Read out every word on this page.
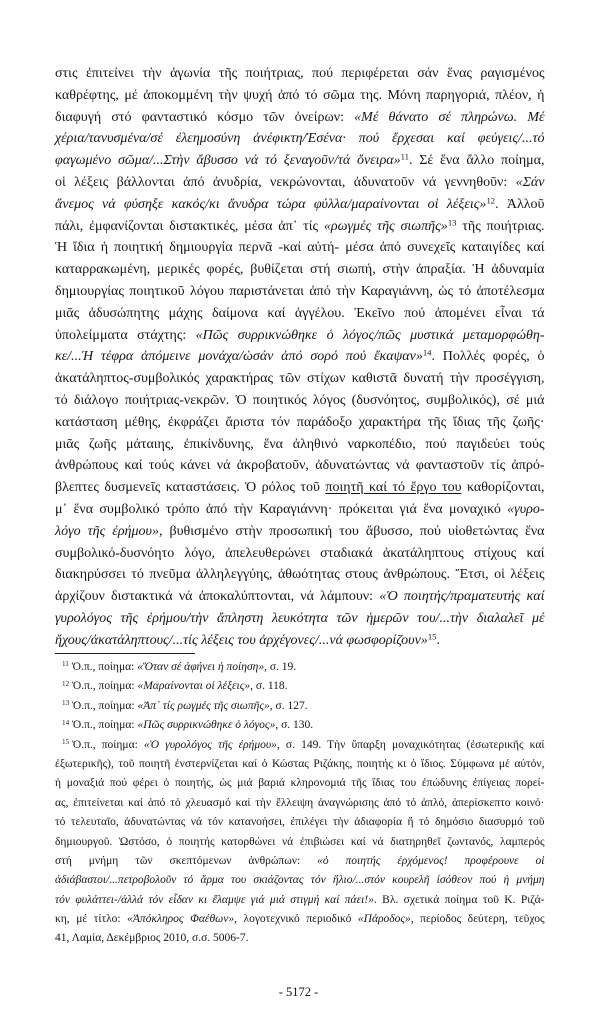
στις ἐπιτείνει τὴν ἀγωνία τῆς ποιήτριας, πού περιφέρεται σάν ἕνας ραγισμένος
καθρέφτης, μέ ἀποκομμένη τὴν ψυχή ἀπό τό σῶμα της. Μόνη παρηγοριά, πλέον, ἡ
διαφυγή στό φανταστικό κόσμο τῶν ὀνείρων: «Μέ θάνατο σέ πληρώνω. Μέ
χέρια/τανυσμένα/σέ ἐλεημοσύνη ἀνέφικτη/Ἐσένα· πού ἔρχεσαι καί φεύγεις/...τό
φαγωμένο σῶμα/...Στὴν ἄβυσσο νά τό ξεναγοῦν/τά ὄνειρα»$^{11}$. Σέ ἕνα ἄλλο ποίημα,
οἱ λέξεις βάλλονται ἀπό ἀνυδρία, νεκρώνονται, ἀδυνατοῦν νά γεννηθοῦν: «Σάν
ἄνεμος νά φύσηξε κακός/κι ἄνυδρα τώρα φύλλα/μαραίνονται οἱ λέξεις»$^{12}$. Ἀλλοῦ
πάλι, ἐμφανίζονται διστακτικές, μέσα ἀπ᾽ τίς «ρωγμές τῆς σιωπῆς»$^{13}$ τῆς ποιήτριας.
Ἡ ἴδια ἡ ποιητική δημιουργία περνᾶ -καί αὐτή- μέσα ἀπό συνεχεῖς καταιγίδες καί
καταρρακωμένη, μερικές φορές, βυθίζεται στή σιωπή, στὴν ἀπραξία. Ἡ ἀδυναμία
δημιουργίας ποιητικοῦ λόγου παριστάνεται ἀπό τὴν Καραγιάννη, ὡς τό ἀποτέλεσμα
μιᾶς ἀδυσώπητης μάχης δαίμονα καί ἀγγέλου. Ἐκεῖνο πού ἀπομένει εἶναι τά
ὑπολείμματα στάχτης: «Πῶς συρρικνώθηκε ὁ λόγος/πῶς μυστικά μεταμορφώθη-
κε/...Ἡ τέφρα ἀπόμεινε μονάχα/ὡσάν ἀπό σορό πού ἔκαψαν»$^{14}$. Πολλές φορές, ὁ
ἀκατάληπτος-συμβολικός χαρακτήρας τῶν στίχων καθιστᾶ δυνατή τὴν προσέγγιση,
τό διάλογο ποιήτριας-νεκρῶν. Ὁ ποιητικός λόγος (δυσνόητος, συμβολικός), σέ μιά
κατάσταση μέθης, ἐκφράζει ἄριστα τόν παράδοξο χαρακτήρα τῆς ἴδιας τῆς ζωῆς·
μιᾶς ζωῆς μάταιης, ἐπικίνδυνης, ἕνα ἀληθινό ναρκοπέδιο, πού παγιδεύει τούς
ἀνθρώπους καί τούς κάνει νά ἀκροβατοῦν, ἀδυνατώντας νά φανταστοῦν τίς ἀπρό-
βλεπτες δυσμενεῖς καταστάσεις. Ὁ ρόλος τοῦ ποιητῆ καί τό ἔργο του καθορίζονται,
μ᾽ ἕνα συμβολικό τρόπο ἀπό τὴν Καραγιάννη· πρόκειται γιά ἕνα μοναχικό «γυρο-
λόγο τῆς ἐρήμου», βυθισμένο στὴν προσωπική του ἄβυσσο, πού υἱοθετώντας ἕνα
συμβολικό-δυσνόητο λόγο, ἀπελευθερώνει σταδιακά ἀκατάληπτους στίχους καί
διακηρύσσει τό πνεῦμα ἀλληλεγγύης, ἀθωότητας στους ἀνθρώπους. Ἔτσι, οἱ λέξεις
ἀρχίζουν διστακτικά νά ἀποκαλύπτονται, νά λάμπουν: «Ὁ ποιητής/πραματευτής καί
γυρολόγος τῆς ἐρήμου/τὴν ἄπληστη λευκότητα τῶν ἡμερῶν του/...τὴν διαλαλεῖ μέ
ἤχους/ἀκατάληπτους/...τίς λέξεις του ἀρχέγονες/...νά φωσφορίζουν»$^{15}$.
$^{11}$ Ὁ.π., ποίημα: «Ὅταν σέ ἀφήνει ἡ ποίηση», σ. 19.
$^{12}$ Ὁ.π., ποίημα: «Μαραίνονται οἱ λέξεις», σ. 118.
$^{13}$ Ὁ.π., ποίημα: «Ἀπ᾽ τίς ρωγμές τῆς σιωπῆς», σ. 127.
$^{14}$ Ὁ.π., ποίημα: «Πῶς συρρικνώθηκε ὁ λόγος», σ. 130.
$^{15}$ Ὁ.π., ποίημα: «Ὁ γυρολόγος τῆς ἐρήμου», σ. 149. Τὴν ὕπαρξη μοναχικότητας (ἐσωτερικῆς καί
ἐξωτερικῆς), τοῦ ποιητῆ ἐνστερνίζεται καί ὁ Κώστας Ριζάκης, ποιητής κι ὁ ἴδιος. Σύμφωνα μέ αὐτόν,
ἡ μοναξιά πού φέρει ὁ ποιητής, ὡς μιά βαριά κληρονομιά τῆς ἴδιας του ἐπώδυνης ἐπίγειας πορεί-
ας, ἐπιτείνεται καί ἀπό τό χλευασμό καί τὴν ἔλλειψη ἀναγνώρισης ἀπό τό ἀπλό, ἀπερίσκεπτο κοινό·
τό τελευταῖο, ἀδυνατώντας νά τόν κατανοήσει, ἐπιλέγει τὴν ἀδιαφορία ἤ τό δημόσιο διασυρμό τοῦ
δημιουργοῦ. Ὡστόσο, ὁ ποιητής κατορθώνει νά ἐπιβιώσει καί νά διατηρηθεῖ ζωντανός, λαμπερός
στή μνήμη τῶν σκεπτόμενων ἀνθρώπων: «ὁ ποιητής ἐρχόμενος! προφέρουνε οἱ
ἀδιάβαστοι/...πετροβολοῦν τό ἅρμα του σκιάζοντας τόν ἥλιο/...στόν κουρελῆ ἰσόθεον πού ἡ μνήμη
τόν φυλάττει-/ἀλλά τόν εἶδαν κι ἔλαμψε γιά μιά στιγμή καί πάει!». Βλ. σχετικά ποίημα τοῦ Κ. Ριζά-
κη, μέ τίτλο: «Ἀπόκληρος Φαέθων», λογοτεχνικό περιοδικό «Πάροδος», περίοδος δεύτερη, τεῦχος
41, Λαμία, Δεκέμβριος 2010, σ.σ. 5006-7.
- 5172 -
